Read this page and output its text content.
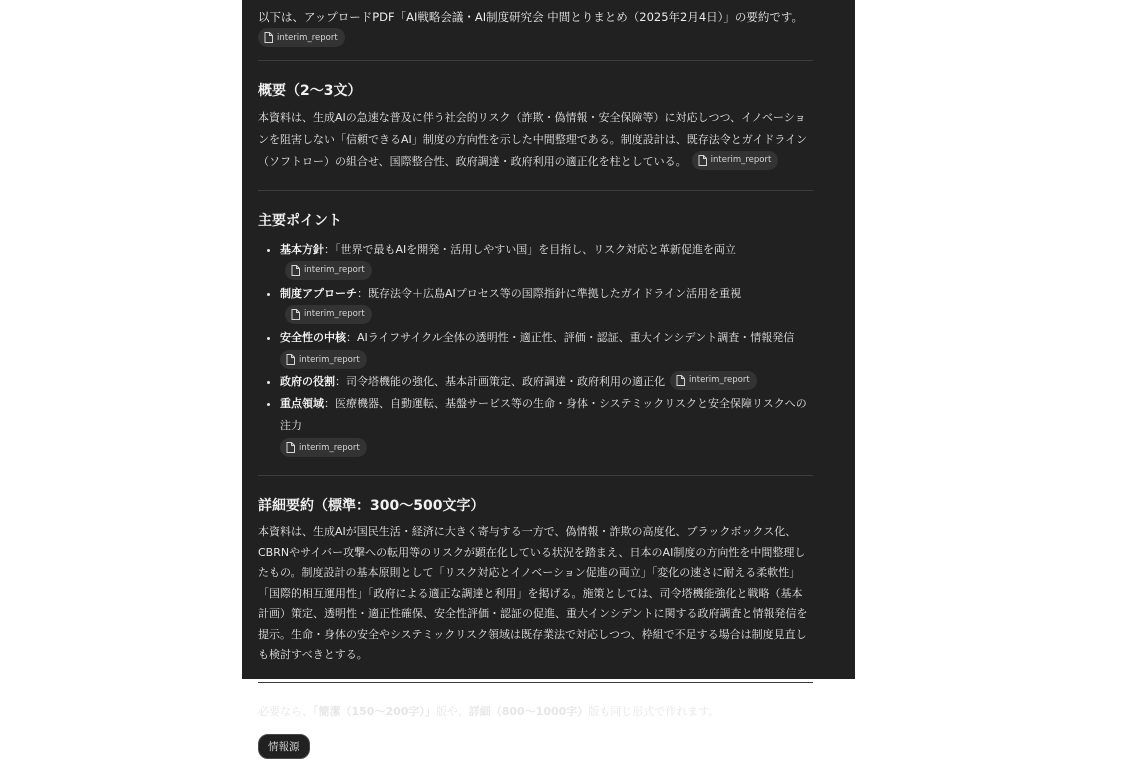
以下は、アップロードPDF「AI戦略会議・AI制度研究会 中間とりまとめ（2025年2月4日）」の要約です。
interim_report
概要（2〜3文）

本資料は、生成AIの急速な普及に伴う社会的リスク（詐欺・偽情報・安全保障等）に対応しつつ、イノベーションを阻害しない「信頼できるAI」制度の方向性を示した中間整理である。制度設計は、既存法令とガイドライン（ソフトロー）の組合せ、国際整合性、政府調達・政府利用の適正化を柱としている。	interim_report

主要ポイント
• 基本方針：「世界で最もAIを開発・活用しやすい国」を目指し、リスク対応と革新促進を両立
interim_report
• 制度アプローチ：既存法令＋広島AIプロセス等の国際指針に準拠したガイドライン活用を重視
interim_report
• 安全性の中核：AIライフサイクル全体の透明性・適正性、評価・認証、重大インシデント調査・情報発信

interim_report
• 政府の役割：司令塔機能の強化、基本計画策定、政府調達・政府利用の適正化	interim_report
• 重点領域：医療機器、自動運転、基盤サービス等の生命・身体・システミックリスクと安全保障リスクへの注力

interim_report
詳細要約（標準：300〜500文字）

本資料は、生成AIが国民生活・経済に大きく寄与する一方で、偽情報・詐欺の高度化、ブラックボックス化、CBRNやサイバー攻撃への転用等のリスクが顕在化している状況を踏まえ、日本のAI制度の方向性を中間整理したもの。制度設計の基本原則として「リスク対応とイノベーション促進の両立」「変化の速さに耐える柔軟性」「国際的相互運用性」「政府による適正な調達と利用」を掲げる。施策としては、司令塔機能強化と戦略（基本計画）策定、透明性・適正性確保、安全性評価・認証の促進、重大インシデントに関する政府調査と情報発信を提示。生命・身体の安全やシステミックリスク領域は既存業法で対応しつつ、枠組で不足する場合は制度見直しも検討すべきとする。

必要なら、「簡潔（150〜200字）」版や、詳細（800〜1000字）版も同じ形式で作れます。

情報源
